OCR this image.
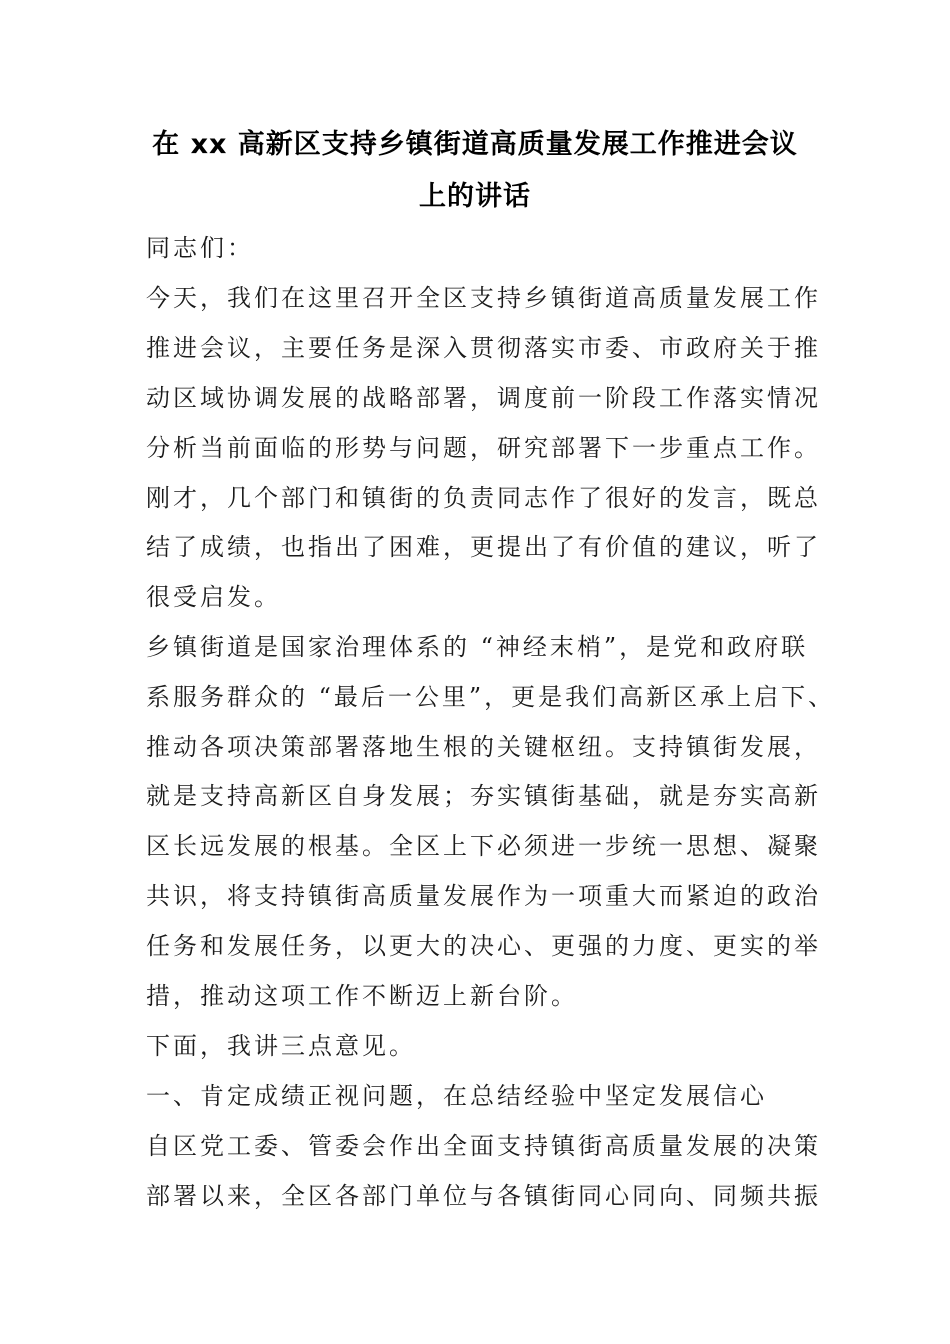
在 xx 高新区支持乡镇街道高质量发展工作推进会议
上的讲话
同志们：
今天，我们在这里召开全区支持乡镇街道高质量发展工作
推进会议，主要任务是深入贯彻落实市委、市政府关于推
动区域协调发展的战略部署，调度前一阶段工作落实情况
分析当前面临的形势与问题，研究部署下一步重点工作。
刚才，几个部门和镇街的负责同志作了很好的发言，既总
结了成绩，也指出了困难，更提出了有价值的建议，听了
很受启发。
乡镇街道是国家治理体系的 “神经末梢”，是党和政府联
系服务群众的 “最后一公里”，更是我们高新区承上启下、
推动各项决策部署落地生根的关键枢纽。支持镇街发展，
就是支持高新区自身发展；夯实镇街基础，就是夯实高新
区长远发展的根基。全区上下必须进一步统一思想、凝聚
共识，将支持镇街高质量发展作为一项重大而紧迫的政治
任务和发展任务，以更大的决心、更强的力度、更实的举
措，推动这项工作不断迈上新台阶。
下面，我讲三点意见。
一、肯定成绩正视问题，在总结经验中坚定发展信心
自区党工委、管委会作出全面支持镇街高质量发展的决策
部署以来，全区各部门单位与各镇街同心同向、同频共振
